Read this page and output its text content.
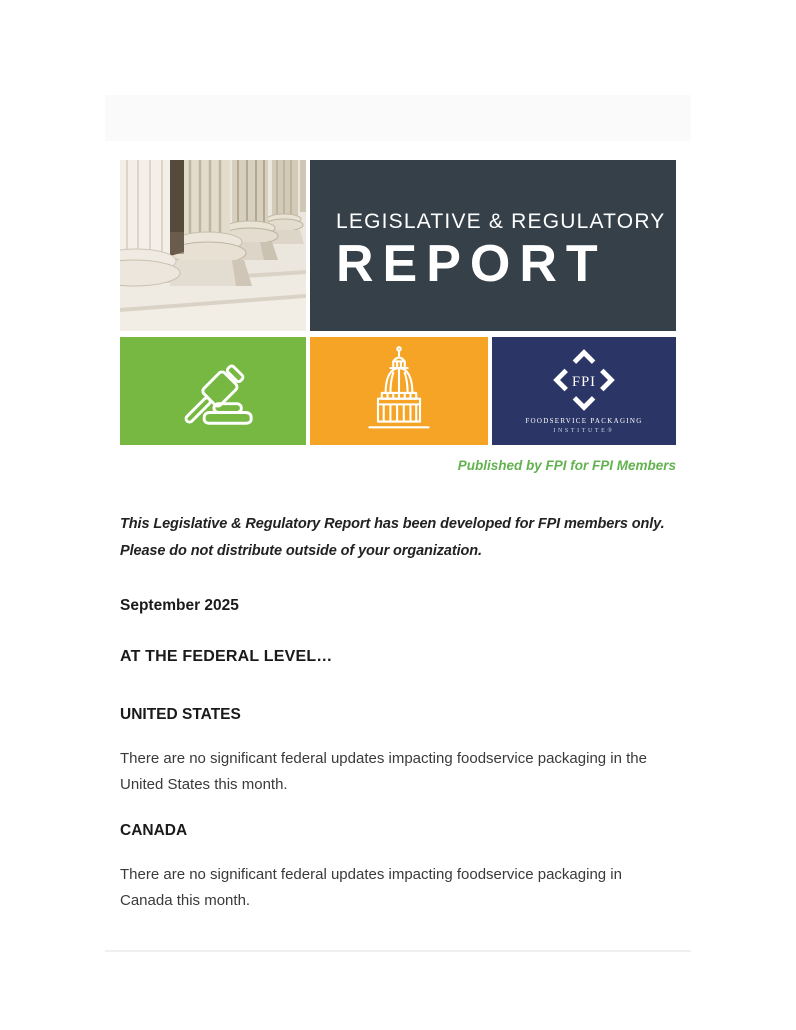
LEGISLATIVE & REGULATORY
REPORT
FPI
FOODSERVICE PACKAGING
INSTITUTE®
Published by FPI for FPI Members

This Legislative & Regulatory Report has been developed for FPI members only. Please do not distribute outside of your organization.

September 2025

AT THE FEDERAL LEVEL…

UNITED STATES

There are no significant federal updates impacting foodservice packaging in the United States this month.

CANADA

There are no significant federal updates impacting foodservice packaging in Canada this month.
